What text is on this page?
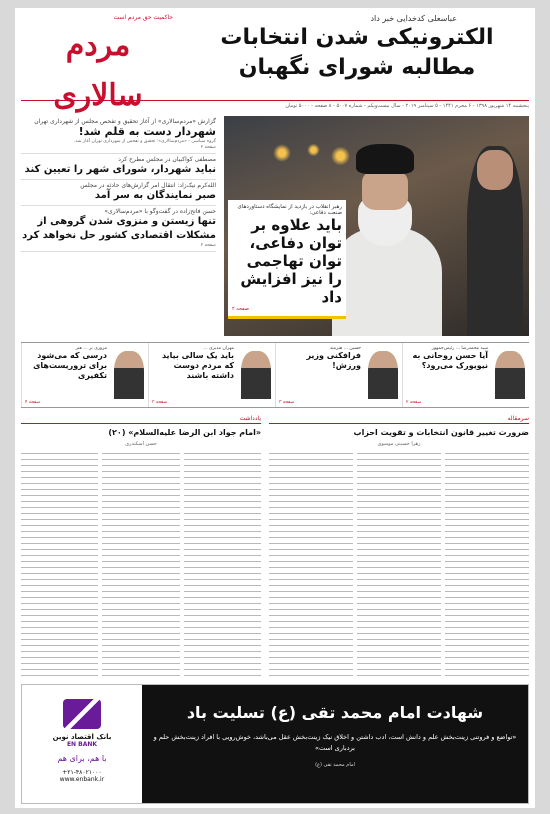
عباسعلی کدخدایی خبر داد
الکترونیکی شدن انتخابات
مطالبه شورای نگهبان
حاکمیت حق مردم است
مردم سالاری	پنجشنبه ۱۴ شهریور ۱۳۹۸ - ۶ محرم ۱۴۴۱ - ۵ سپتامبر ۲۰۱۹ - سال بیست‌ویکم - شماره ۵۰۰۷ - ۸ صفحه - ۵۰۰۰ تومان
رهبر انقلاب در بازدید از نمایشگاه دستاوردهای صنعت دفاعی:
باید علاوه بر توان دفاعی، توان تهاجمی را نیز افزایش داد
صفحه ۲
گزارش «مردم‌سالاری» از آغاز تحقیق و تفحص مجلس از شهرداری تهران
شهردار دست به قلم شد!
گروه سیاسی - «مردم‌سالاری»: تحقیق و تفحص از شهرداری تهران آغاز شد.
صفحه ۲
مصطفی کواکبیان در مجلس مطرح کرد
نباید شهردار، شورای شهر را تعیین کند
الله‌کرم نیک‌زاد: انتقال امر گزارش‌های حادثه در مجلس
صبر نمایندگان به سر آمد
حسن فاتح‌زاده در گفت‌وگو با «مردم‌سالاری»
تنها زیستن و منزوی شدن گروهی از مشکلات اقتصادی کشور حل نخواهد کرد
صفحه ۲
سید محمدرضا ... رئیس‌جمهور
آیا حسن روحانی به نیویورک می‌رود؟
صفحه ۲
حسین ... هنرمند
فرافکنی وزیر ورزش!
صفحه ۳
مهران مدیری ...
باید یک سالی بیاید که مردم دوست داشته باشند
صفحه ۳
مروری بر ... هنر
درسی که می‌شود برای تروریست‌های تکفیری
صفحه ۴
سرمقاله
یادداشت
ضرورت تغییر قانون انتخابات و تقویت احزاب
«امام جواد ابن الرضا علیه‌السلام» (۲۰)
زهرا حسینی موسوی
حسن اسکندری
شهادت امام محمد تقی (ع) تسلیت باد
«تواضع و فروتنی زینت‌بخش علم و دانش است، ادب داشتن و اخلاق نیک زینت‌بخش عقل می‌باشد، خوش‌رویی با افراد زینت‌بخش حلم و بردباری است»
امام محمد تقی (ع)
بانک اقتصاد نوین
EN BANK
با هم، برای هم
+۲۱-۴۸۰۲۱۰۰۰
www.enbank.ir
